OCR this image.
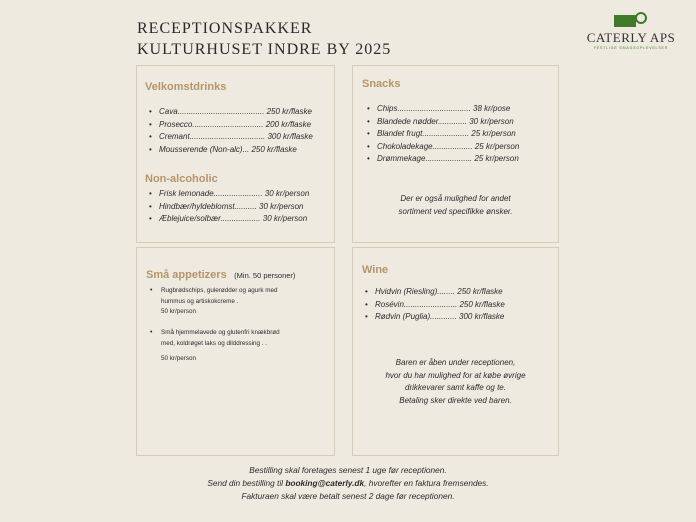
RECEPTIONSPAKKER
KULTURHUSET INDRE BY 2025
CATERLY APS
FESTLIGE SMAGSOPLEVELSER
Velkomstdrinks
• Cava....................................... 250 kr/flaske
• Prosecco................................ 200 kr/flaske
• Cremant.................................. 300 kr/flaske
• Mousserende (Non-alc)... 250 kr/flaske
Non-alcoholic
• Frisk lemonade...................... 30 kr/person
• Hindbær/hyldeblomst.......... 30 kr/person
• Æblejuice/solbær.................. 30 kr/person
Snacks
• Chips................................. 38 kr/pose
• Blandede nødder............. 30 kr/person
• Blandet frugt..................... 25 kr/person
• Chokoladekage.................. 25 kr/person
• Drømmekage..................... 25 kr/person
Der er også mulighed for andet
sortiment ved specifikke ønsker.
Små appetizers (Min. 50 personer)
• Rugbrødschips, gulerødder og agurk med
hummus og artiskokcreme .
50 kr/person
• Små hjemmelavede og glutenfri knækbrød
med, koldrøget laks og dilddressing . .
50 kr/person
Wine
• Hvidvin (Riesling)........ 250 kr/flaske
• Rosévin........................ 250 kr/flaske
• Rødvin (Puglia)............ 300 kr/flaske
Baren er åben under receptionen,
hvor du har mulighed for at købe øvrige
drikkevarer samt kaffe og te.
Betaling sker direkte ved baren.
Bestilling skal foretages senest 1 uge før receptionen.
Send din bestilling til booking@caterly.dk, hvorefter en faktura fremsendes.
Fakturaen skal være betalt senest 2 dage før receptionen.
